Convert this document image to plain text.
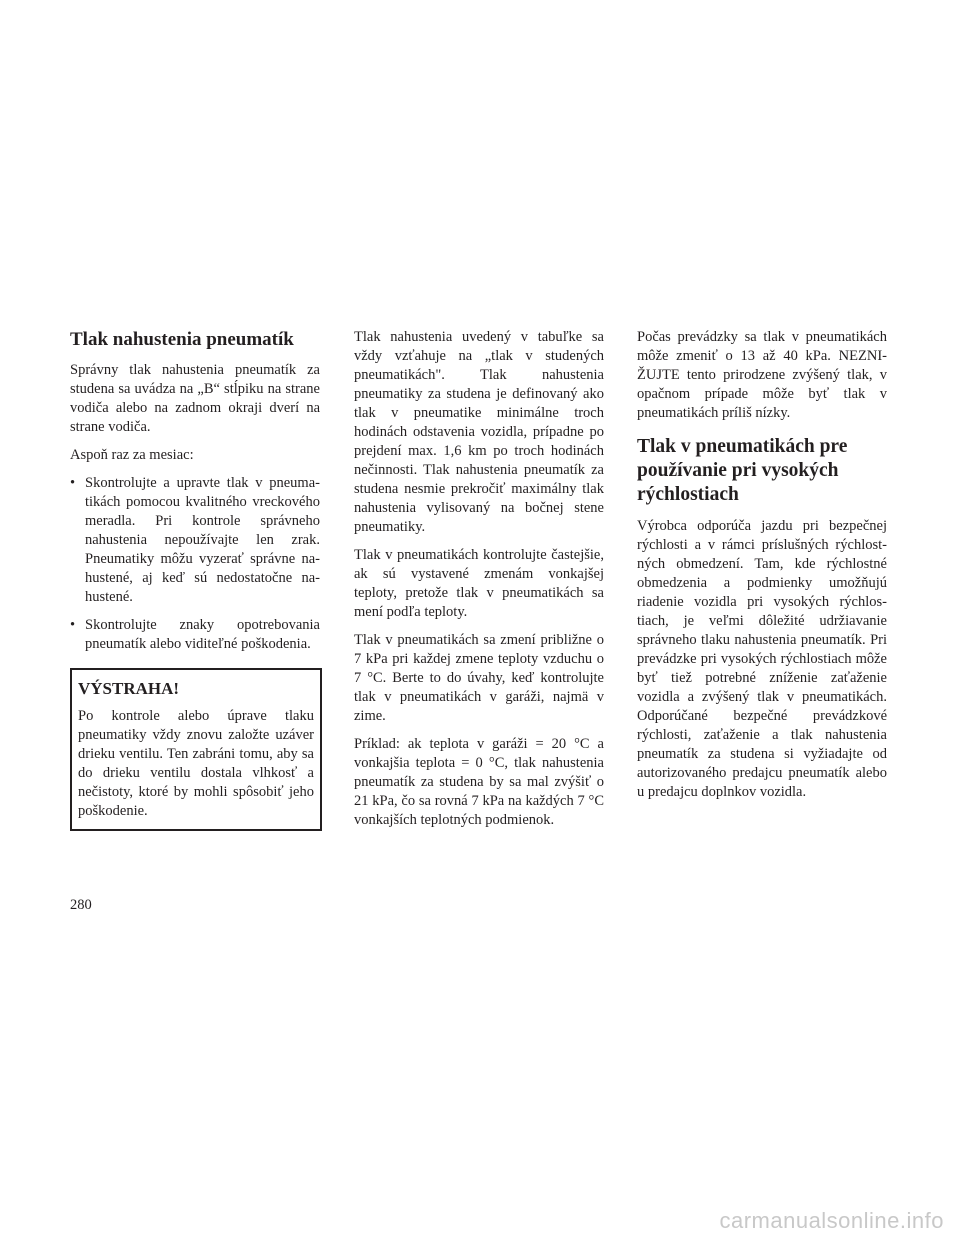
Tlak nahustenia pneumatík

Správny tlak nahustenia pneumatík za studena sa uvádza na „B“ stĺpiku na strane vodiča alebo na zadnom okraji dverí na strane vodiča.

Aspoň raz za mesiac:

• Skontrolujte a upravte tlak v pneumatikách pomocou kvalitného vreckového meradla. Pri kontrole správneho nahustenia nepoužívajte len zrak. Pneumatiky môžu vyzerať správne nahustené, aj keď sú nedostatočne nahustené.
• Skontrolujte znaky opotrebovania pneumatík alebo viditeľné poškodenia.
VÝSTRAHA!

Po kontrole alebo úprave tlaku pneumatiky vždy znovu založte uzáver drieku ventilu. Ten zabráni tomu, aby sa do drieku ventilu dostala vlhkosť a nečistoty, ktoré by mohli spôsobiť jeho poškodenie.

Tlak nahustenia uvedený v tabuľke sa vždy vzťahuje na „tlak v studených pneumatikách". Tlak nahustenia pneumatiky za studena je definovaný ako tlak v pneumatike minimálne troch hodinách odstavenia vozidla, prípadne po prejdení max. 1,6 km po troch hodinách nečinnosti. Tlak nahustenia pneumatík za studena nesmie prekročiť maximálny tlak nahustenia vylisovaný na bočnej stene pneumatiky.

Tlak v pneumatikách kontrolujte častejšie, ak sú vystavené zmenám vonkajšej teploty, pretože tlak v pneumatikách sa mení podľa teploty.

Tlak v pneumatikách sa zmení približne o 7 kPa pri každej zmene teploty vzduchu o 7 °C. Berte to do úvahy, keď kontrolujte tlak v pneumatikách v garáži, najmä v zime.

Príklad: ak teplota v garáži = 20 °C a vonkajšia teplota = 0 °C, tlak nahustenia pneumatík za studena by sa mal zvýšiť o 21 kPa, čo sa rovná 7 kPa na každých 7 °C vonkajších teplotných podmienok.

Počas prevádzky sa tlak v pneumatikách môže zmeniť o 13 až 40 kPa. NEZNIŽUJTE tento prirodzene zvýšený tlak, v opačnom prípade môže byť tlak v pneumatikách príliš nízky.

Tlak v pneumatikách pre používanie pri vysokých rýchlostiach

Výrobca odporúča jazdu pri bezpečnej rýchlosti a v rámci príslušných rýchlostných obmedzení. Tam, kde rýchlostné obmedzenia a podmienky umožňujú riadenie vozidla pri vysokých rýchlostiach, je veľmi dôležité udržiavanie správneho tlaku nahustenia pneumatík. Pri prevádzke pri vysokých rýchlostiach môže byť tiež potrebné zníženie zaťaženie vozidla a zvýšený tlak v pneumatikách. Odporúčané bezpečné prevádzkové rýchlosti, zaťaženie a tlak nahustenia pneumatík za studena si vyžiadajte od autorizovaného predajcu pneumatík alebo u predajcu doplnkov vozidla.

280
carmanualsonline.info
